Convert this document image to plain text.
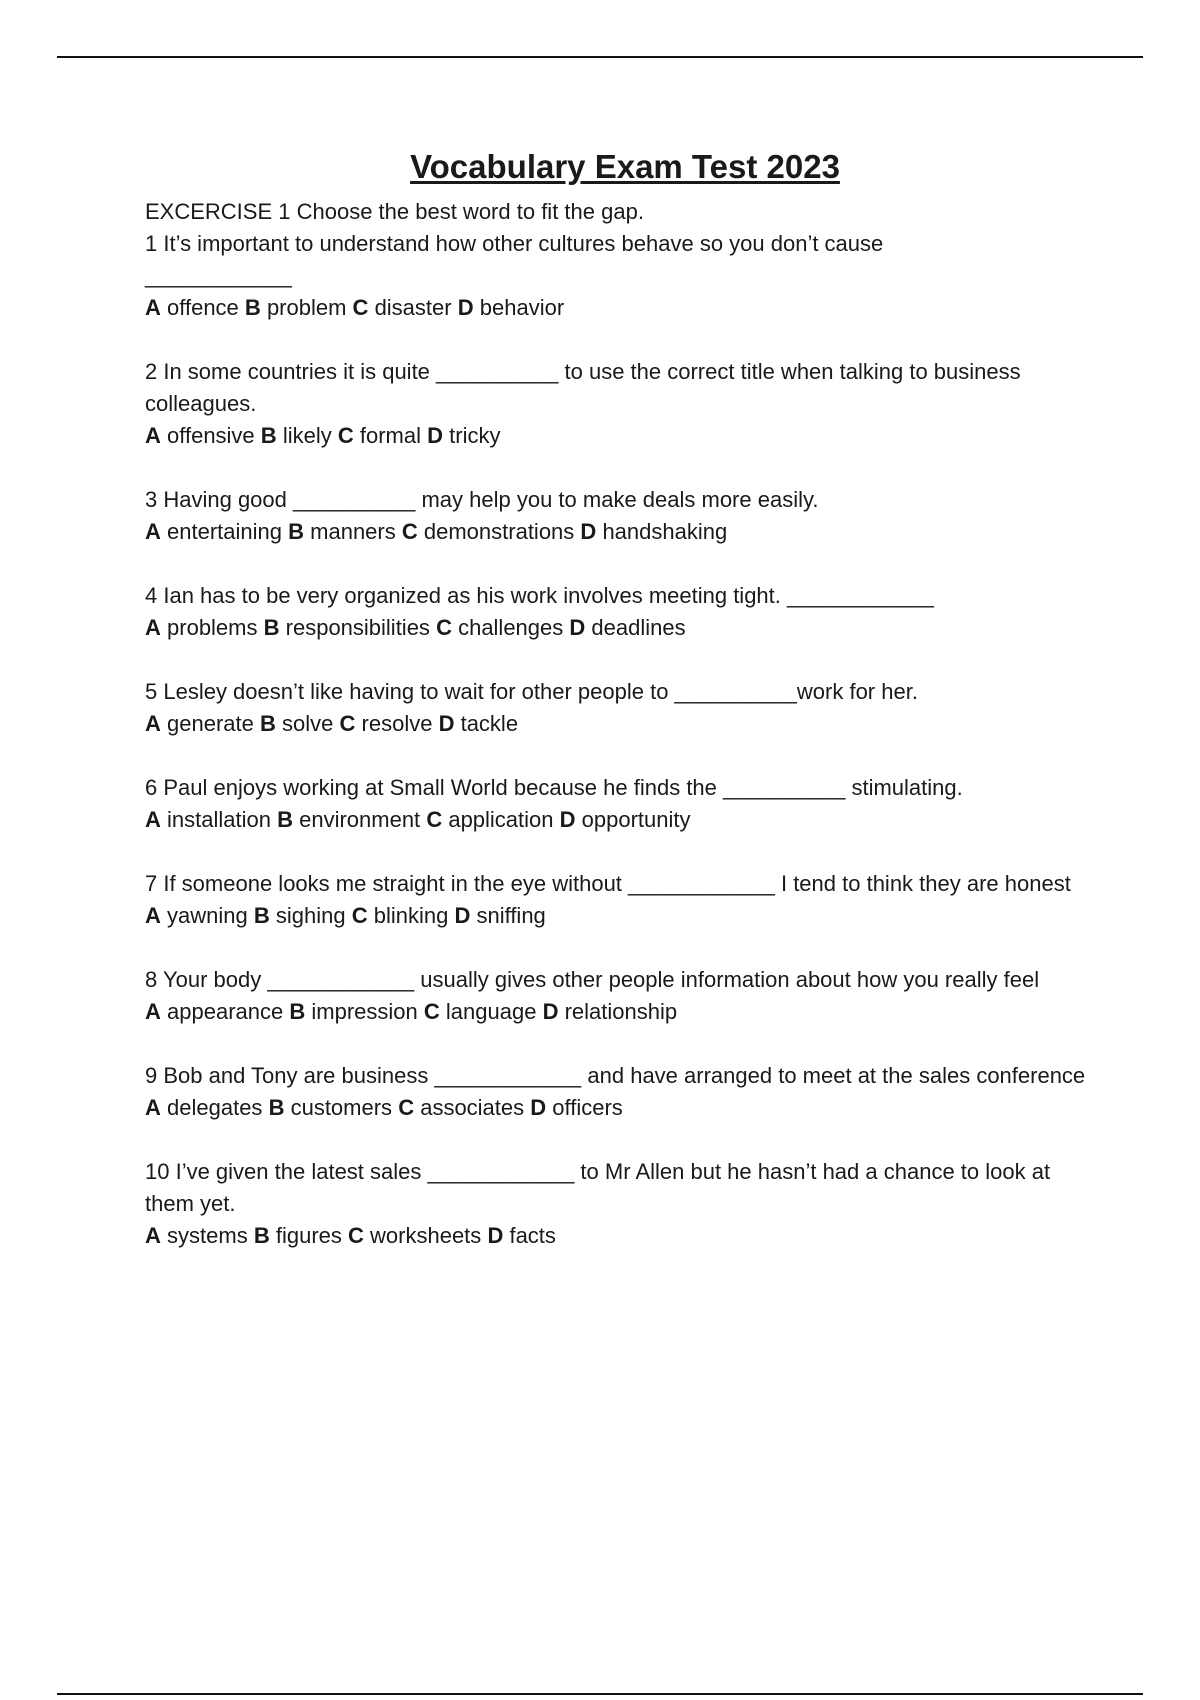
Vocabulary Exam Test 2023

EXCERCISE 1 Choose the best word to fit the gap.

1 It’s important to understand how other cultures behave so you don’t cause

____________

A offence B problem C disaster D behavior

2 In some countries it is quite __________ to use the correct title when talking to business colleagues.

A offensive B likely C formal D tricky

3 Having good __________ may help you to make deals more easily.

A entertaining B manners C demonstrations D handshaking

4 Ian has to be very organized as his work involves meeting tight. ____________

A problems B responsibilities C challenges D deadlines

5 Lesley doesn’t like having to wait for other people to __________work for her.

A generate B solve C resolve D tackle

6 Paul enjoys working at Small World because he finds the __________ stimulating.

A installation B environment C application D opportunity

7 If someone looks me straight in the eye without ____________ I tend to think they are honest

A yawning B sighing C blinking D sniffing

8 Your body ____________ usually gives other people information about how you really feel

A appearance B impression C language D relationship

9 Bob and Tony are business ____________ and have arranged to meet at the sales conference

A delegates B customers C associates D officers

10 I’ve given the latest sales ____________ to Mr Allen but he hasn’t had a chance to look at them yet.

A systems B figures C worksheets D facts
